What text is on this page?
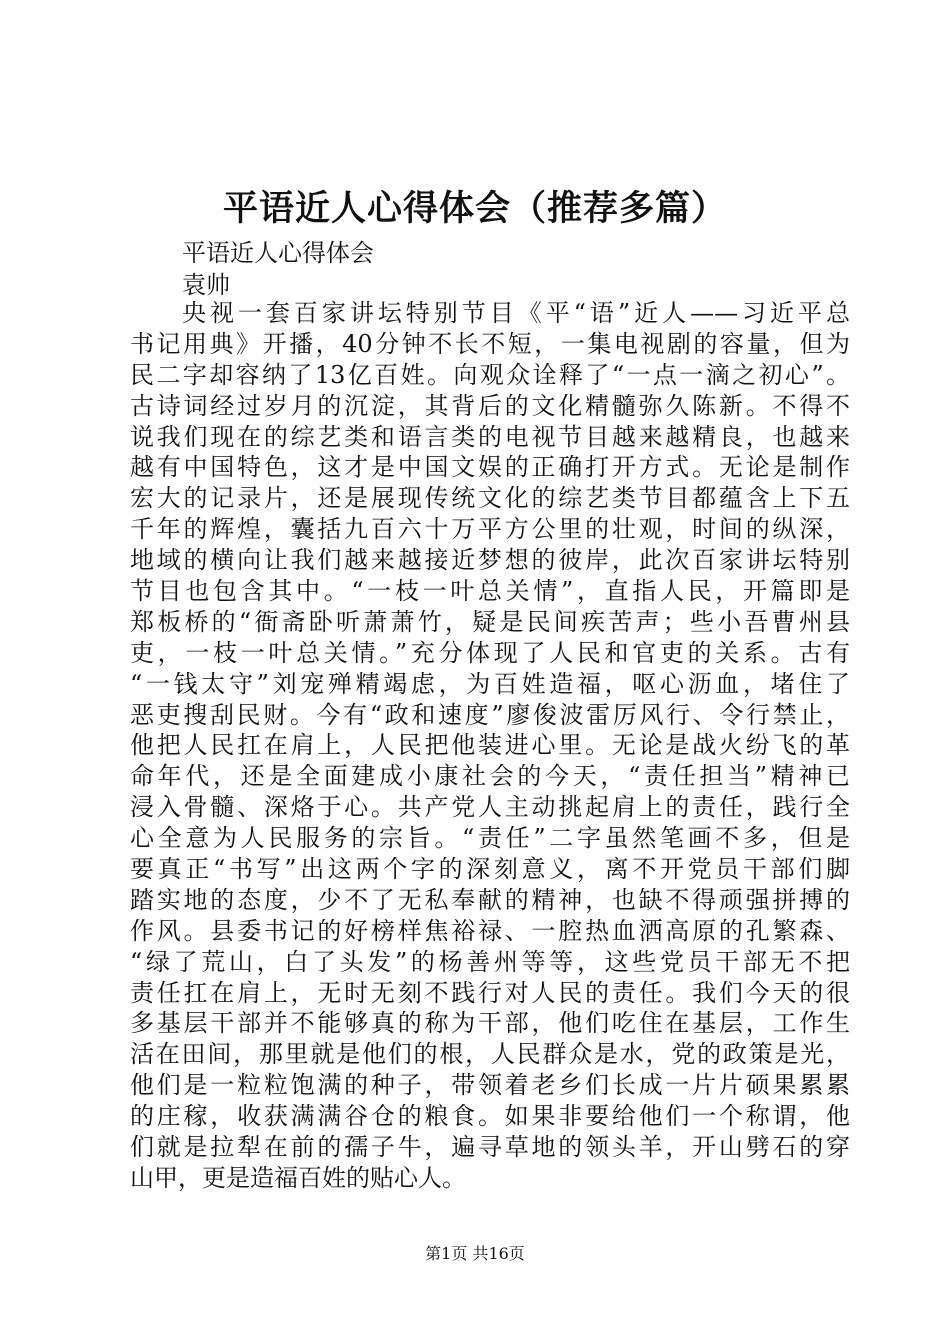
平语近人心得体会（推荐多篇）
平语近人心得体会
袁帅
央视一套百家讲坛特别节目《平“语”近人——习近平总
书记用典》开播，40分钟不长不短，一集电视剧的容量，但为
民二字却容纳了13亿百姓。向观众诠释了“一点一滴之初心”。
古诗词经过岁月的沉淀，其背后的文化精髓弥久陈新。不得不
说我们现在的综艺类和语言类的电视节目越来越精良，也越来
越有中国特色，这才是中国文娱的正确打开方式。无论是制作
宏大的记录片，还是展现传统文化的综艺类节目都蕴含上下五
千年的辉煌，囊括九百六十万平方公里的壮观，时间的纵深，
地域的横向让我们越来越接近梦想的彼岸，此次百家讲坛特别
节目也包含其中。“一枝一叶总关情”，直指人民，开篇即是
郑板桥的“衙斋卧听萧萧竹，疑是民间疾苦声；些小吾曹州县
吏，一枝一叶总关情。”充分体现了人民和官吏的关系。古有
“一钱太守”刘宠殚精竭虑，为百姓造福，呕心沥血，堵住了
恶吏搜刮民财。今有“政和速度”廖俊波雷厉风行、令行禁止，
他把人民扛在肩上，人民把他装进心里。无论是战火纷飞的革
命年代，还是全面建成小康社会的今天，“责任担当”精神已
浸入骨髓、深烙于心。共产党人主动挑起肩上的责任，践行全
心全意为人民服务的宗旨。“责任”二字虽然笔画不多，但是
要真正“书写”出这两个字的深刻意义，离不开党员干部们脚
踏实地的态度，少不了无私奉献的精神，也缺不得顽强拼搏的
作风。县委书记的好榜样焦裕禄、一腔热血洒高原的孔繁森、
“绿了荒山，白了头发”的杨善州等等，这些党员干部无不把
责任扛在肩上，无时无刻不践行对人民的责任。我们今天的很
多基层干部并不能够真的称为干部，他们吃住在基层，工作生
活在田间，那里就是他们的根，人民群众是水，党的政策是光，
他们是一粒粒饱满的种子，带领着老乡们长成一片片硕果累累
的庄稼，收获满满谷仓的粮食。如果非要给他们一个称谓，他
们就是拉犁在前的孺子牛，遍寻草地的领头羊，开山劈石的穿
山甲，更是造福百姓的贴心人。
第1页 共16页
